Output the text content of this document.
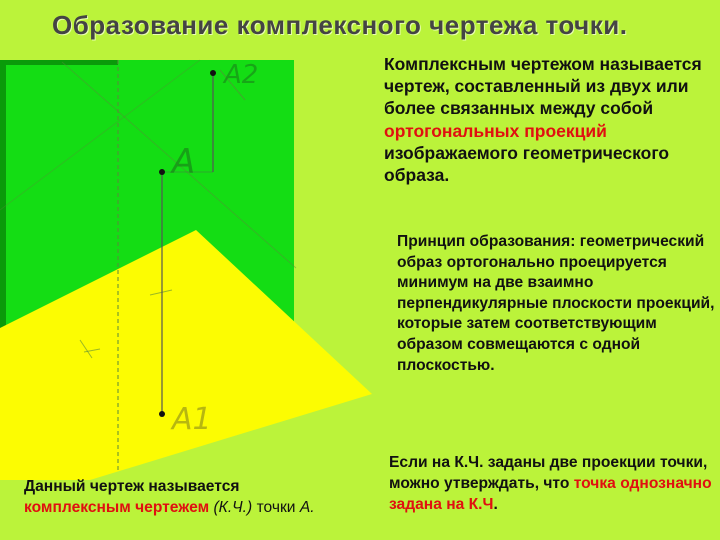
Образование комплексного чертежа точки.
A2
A
A1
Комплексным чертежом называется чертеж, составленный из двух или более связанных между собой ортогональных проекций изображаемого геометрического образа.
Принцип образования: геометрический образ ортогонально проецируется минимум на две взаимно перпендикулярные плоскости проекций, которые затем соответствующим образом совмещаются с одной плоскостью.
Если на К.Ч. заданы две проекции точки, можно утверждать, что точка однозначно задана на К.Ч.
Данный чертеж называется
комплексным чертежем (К.Ч.) точки А.
